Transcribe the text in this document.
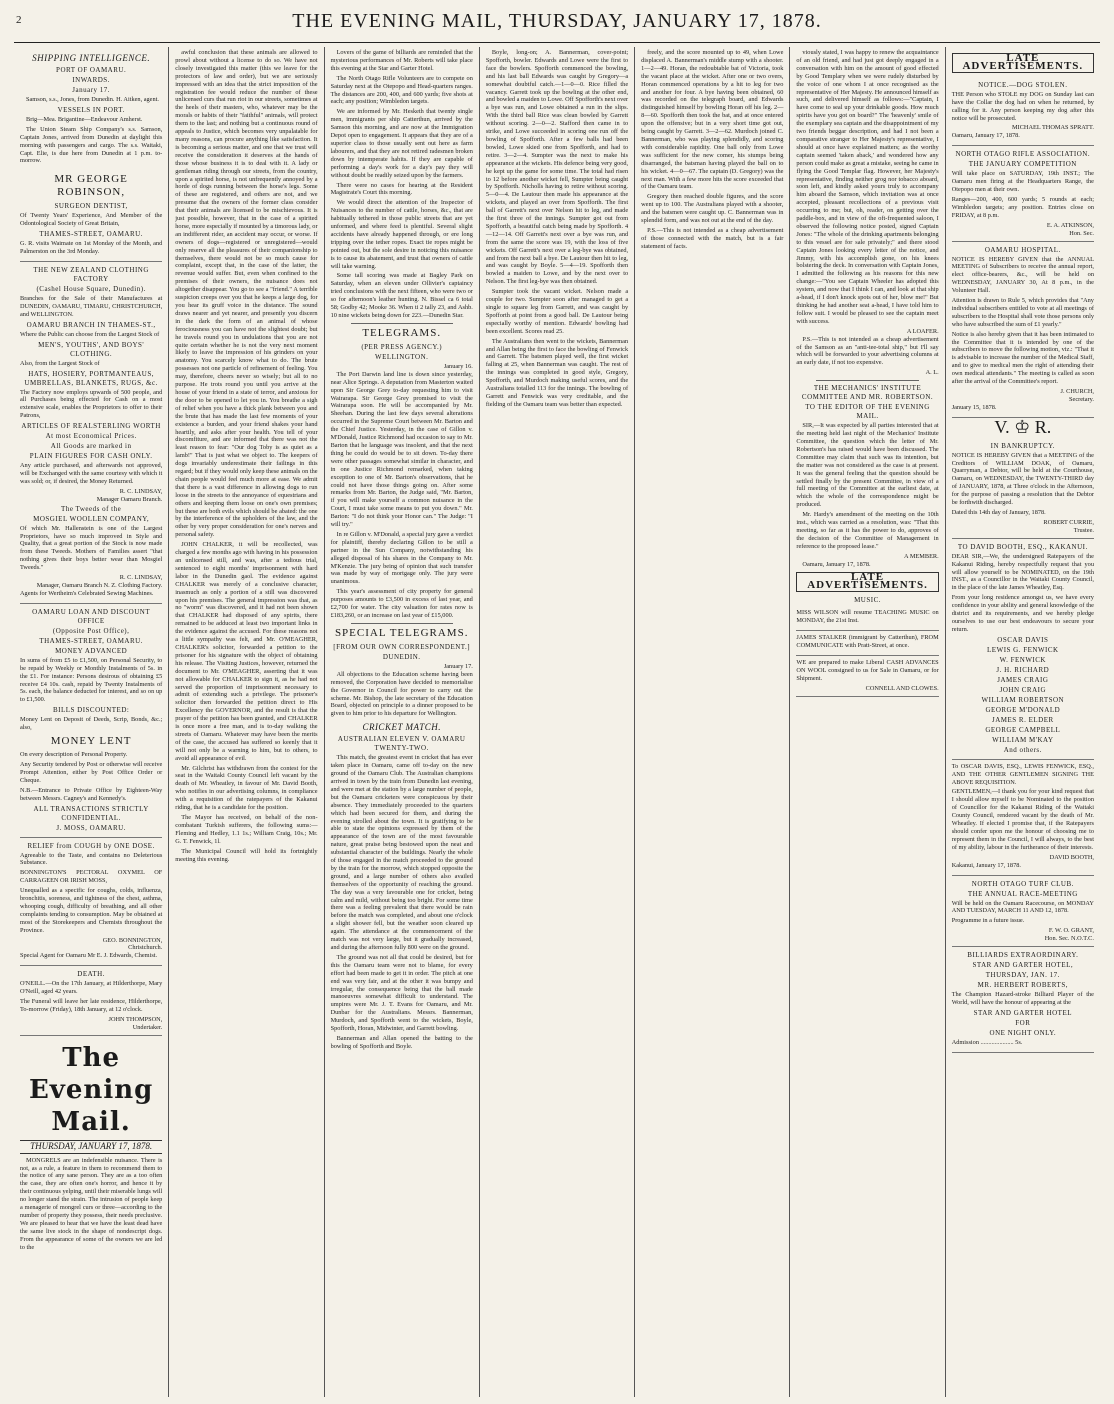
2	THE EVENING MAIL, THURSDAY, JANUARY 17, 1878.
SHIPPING INTELLIGENCE.
PORT OF OAMARU.
INWARDS.
January 17.

Samson, s.s., Jones, from Dunedin. H. Aitken, agent.

VESSELS IN PORT.

Brig—Mea. Brigantine—Endeavour Amherst.

The Union Steam Ship Company's s.s. Samson, Captain Jones, arrived from Dunedin at daylight this morning with passengers and cargo. The s.s. Waitaki, Capt. Elie, is due here from Dunedin at 1 p.m. to-morrow.

MR GEORGE ROBINSON,
SURGEON DENTIST,

Of Twenty Years' Experience, And Member of the Odontological Society of Great Britain,

THAMES-STREET, OAMARU.

G. R. visits Waimate on 1st Monday of the Month, and Palmerston on the 3rd Monday.

THE NEW ZEALAND CLOTHING FACTORY
(Cashel House Square, Dunedin).

Branches for the Sale of their Manufactures at DUNEDIN, OAMARU, TIMARU, CHRISTCHURCH, and WELLINGTON.

OAMARU BRANCH IN THAMES-ST.,

Where the Public can choose from the Largest Stock of

MEN'S, YOUTHS', AND BOYS' CLOTHING.

Also, from the Largest Stock of

HATS, HOSIERY, PORTMANTEAUS, UMBRELLAS, BLANKETS, RUGS, &c.

The Factory now employs upwards of 500 people, and all Purchases being effected for Cash on a most extensive scale, enables the Proprietors to offer to their Patrons,

ARTICLES OF REALSTERLING WORTH
At most Economical Prices.
All Goods are marked in
PLAIN FIGURES FOR CASH ONLY.

Any article purchased, and afterwards not approved, will be Exchanged with the same courtesy with which it was sold; or, if desired, the Money Returned.

R. C. LINDSAY,
Manager Oamaru Branch.
The Tweeds of the
MOSGIEL WOOLLEN COMPANY,

Of which Mr. Hallenstein is one of the Largest Proprietors, have so much improved in Style and Quality, that a great portion of the Stock is now made from these Tweeds. Mothers of Families assert "that nothing gives their boys better wear than Mosgiel Tweeds."

R. C. LINDSAY,
Manager, Oamaru Branch N. Z. Clothing Factory.

Agents for Wertheim's Celebrated Sewing Machines.

OAMARU LOAN AND DISCOUNT OFFICE
(Opposite Post Office),
THAMES-STREET, OAMARU.
MONEY ADVANCED

In sums of from £5 to £1,500, on Personal Security, to be repaid by Weekly or Monthly Instalments of 5s. in the £1. For instance: Persons desirous of obtaining £5 receive £4 10s. cash, repaid by Twenty Instalments of 5s. each, the balance deducted for interest, and so on up to £1,500.

BILLS DISCOUNTED:

Money Lent on Deposit of Deeds, Scrip, Bonds, &c.; also,

MONEY LENT

On every description of Personal Property.

Any Security tendered by Post or otherwise will receive Prompt Attention, either by Post Office Order or Cheque.

N.B.—Entrance to Private Office by Eighteen-Way between Messrs. Cagney's and Kennedy's.

ALL TRANSACTIONS STRICTLY CONFIDENTIAL.
J. MOSS, OAMARU.
RELIEF from COUGH by ONE DOSE.

Agreeable to the Taste, and contains no Deleterious Substance.

BONNINGTON'S PECTORAL OXYMEL OF CARRAGEEN OR IRISH MOSS,

Unequalled as a specific for coughs, colds, influenza, bronchitis, soreness, and tightness of the chest, asthma, whooping cough, difficulty of breathing, and all other complaints tending to consumption. May be obtained at most of the Storekeepers and Chemists throughout the Province.

GEO. BONNINGTON,
Christchurch.

Special Agent for Oamaru Mr E. J. Edwards, Chemist.

DEATH.

O'NEILL.—On the 17th January, at Hilderthorpe, Mary O'Neill, aged 42 years.

The Funeral will leave her late residence, Hilderthorpe, To-morrow (Friday), 18th January, at 12 o'clock.

JOHN THOMPSON,
Undertaker.
The Evening Mail.
THURSDAY, JANUARY 17, 1878.

MONGRELS are an indefensible nuisance. There is not, as a rule, a feature in them to recommend them to the notice of any sane person. They are as a too often the case, they are often one's horror, and hence it by their continuous yelping, until their miserable lungs will no longer stand the strain. The intrusion of people keep a menagerie of mongrel curs or three—according to the number of property they possess, their needs preclusive. We are pleased to hear that we have the least dead have the same live stock in the shape of nondescript dogs. From the appearance of some of the owners we are led to the

awful conclusion that these animals are allowed to prowl about without a license to do so. We have not closely investigated this matter (this we leave for the protectors of law and order), but we are seriously impressed with an idea that the strict imposition of the registration fee would reduce the number of these unlicensed curs that run riot in our streets, sometimes at the heels of their masters, who, whatever may be the morals or habits of their "faithful" animals, will protect them to the last; and nothing but a continuous round of appeals to Justice, which becomes very unpalatable for many reasons, can procure anything like satisfaction. It is becoming a serious matter, and one that we trust will receive the consideration it deserves at the hands of those whose business it is to deal with it. A lady or gentleman riding through our streets, from the country, upon a spirited horse, is not unfrequently annoyed by a horde of dogs running between the horse's legs. Some of these are registered, and others are not, and we presume that the owners of the former class consider that their animals are licensed to be mischievous. It is just possible, however, that in the case of a spirited horse, more especially if mounted by a timorous lady, or an indifferent rider, an accident may occur, or worse. If owners of dogs—registered or unregistered—would only reserve all the pleasures of their companionship to themselves, there would not be so much cause for complaint, except that, in the case of the latter, the revenue would suffer. But, even when confined to the premises of their owners, the nuisance does not altogether disappear. You go to see a "friend." A terrible suspicion creeps over you that he keeps a large dog, for you hear its gruff voice in the distance. The sound draws nearer and yet nearer, and presently you discern in the dark the form of an animal of whose ferociousness you can have not the slightest doubt; but he travels round you in undulations that you are not quite certain whether he is not the very next moment likely to leave the impression of his grinders on your anatomy. You scarcely know what to do. The brute possesses not one particle of refinement of feeling. You may, therefore, cheers never so wisely; but all to no purpose. He trots round you until you arrive at the house of your friend in a state of terror, and anxious for the door to be opened to let you in. You breathe a sigh of relief when you have a thick plank between you and the brute that has made the last few moments of your existence a burden, and your friend shakes your hand heartily, and asks after your health. You tell of your discomfiture, and are informed that there was not the least reason to fear: "Our dog Toby is as quiet as a lamb!" That is just what we object to. The keepers of dogs invariably underestimate their failings in this regard; but if they would only keep these animals on the chain people would feel much more at ease. We admit that there is a vast difference in allowing dogs to run loose in the streets to the annoyance of equestrians and others and keeping them loose on one's own premises; but these are both evils which should be abated: the one by the interference of the upholders of the law, and the other by very proper consideration for one's nerves and personal safety.

JOHN CHALKER, it will be recollected, was charged a few months ago with having in his possession an unlicensed still, and was, after a tedious trial, sentenced to eight months' imprisonment with hard labor in the Dunedin gaol. The evidence against CHALKER was merely of a conclusive character, inasmuch as only a portion of a still was discovered upon his premises. The general impression was that, as no "worm" was discovered, and it had not been shown that CHALKER had disposed of any spirits, there remained to be adduced at least two important links in the evidence against the accused. For these reasons not a little sympathy was felt, and Mr. O'MEAGHER, CHALKER's solicitor, forwarded a petition to the prisoner for his signature with the object of obtaining his release. The Visiting Justices, however, returned the document to Mr. O'MEAGHER, asserting that it was not allowable for CHALKER to sign it, as he had not served the proportion of imprisonment necessary to admit of extending such a privilege. The prisoner's solicitor then forwarded the petition direct to His Excellency the GOVERNOR, and the result is that the prayer of the petition has been granted, and CHALKER is once more a free man, and is to-day walking the streets of Oamaru. Whatever may have been the merits of the case, the accused has suffered so keenly that it will not only be a warning to him, but to others, to avoid all appearance of evil.

Mr. Gilchrist has withdrawn from the contest for the seat in the Waitaki County Council left vacant by the death of Mr. Wheatley, in favour of Mr. David Booth, who notifies in our advertising columns, in compliance with a requisition of the ratepayers of the Kakanui riding, that he is a candidate for the position.

The Mayor has received, on behalf of the non-combatant Turkish sufferers, the following sums:—Fleming and Hedley, 1.1 1s.; William Craig, 10s.; Mr. G. T. Fenwick, 1l.

The Municipal Council will hold its fortnightly meeting this evening.

Lovers of the game of billiards are reminded that the mysterious performances of Mr. Roberts will take place this evening at the Star and Garter Hotel.

The North Otago Rifle Volunteers are to compete on Saturday next at the Otepopo and Head-quarters ranges. The distances are 200, 400, and 600 yards; five shots at each; any position; Wimbledon targets.

We are informed by Mr. Hesketh that twenty single men, immigrants per ship Catterthun, arrived by the Samson this morning, and are now at the Immigration Depot open to engagement. It appears that they are of a superior class to those usually sent out here as farm labourers, and that they are not retired radesmen broken down by intemperate habits. If they are capable of performing a day's work for a day's pay they will without doubt be readily seized upon by the farmers.

There were no cases for hearing at the Resident Magistrate's Court this morning.

We would direct the attention of the Inspector of Nuisances to the number of cattle, horses, &c., that are habitually tethered in those public streets that are yet unformed, and where feed is plentiful. Several slight accidents have already happened through, or ere long tripping over the tether ropes. Exact tie ropes might be pointed out, but the sole desire in noticing this nuisance is to cause its abatement, and trust that owners of cattle will take warning.

Some tall scoring was made at Bagley Park on Saturday, when an eleven under Ollivier's captaincy tried conclusions with the next fifteen, who were two or so for afternoon's leather hunting. N. Bissel ca 6 total 58; Godby 42; Mooke 36. When ti 2 tally 23, and Ashb. 10 nine wickets being down for 223.—Dunedin Star.

TELEGRAMS.
(PER PRESS AGENCY.)
WELLINGTON.
January 16.

The Port Darwin land line is down since yesterday, near Alice Springs. A deputation from Masterton waited upon Sir George Grey to-day requesting him to visit Wairarapa. Sir George Grey promised to visit the Wairarapa soon. He will be accompanied by Mr. Sheehan. During the last few days several alterations occurred in the Supreme Court between Mr. Barton and the Chief Justice. Yesterday, in the case of Gillon v. M'Donald, Justice Richmond had occasion to say to Mr. Barton that he language was insolent, and that the next thing he could do would be to sit down. To-day there were other passages somewhat similar in character, and in one Justice Richmond remarked, when taking exception to one of Mr. Barton's observations, that he could not have those things going on. After some remarks from Mr. Barton, the Judge said, "Mr. Barton, if you will make yourself a common nuisance in the Court, I must take some means to put you down." Mr. Barton: "I do not think your Honor can." The Judge: "I will try."

In re Gillon v. M'Donald, a special jury gave a verdict for plaintiff, thereby declaring Gillon to be still a partner in the Sun Company, notwithstanding his alleged disposal of his shares in the Company to Mr. M'Kenzie. The jury being of opinion that such transfer was made by way of mortgage only. The jury were unanimous.

This year's assessment of city property for general purposes amounts to £3,500 in excess of last year, and £2,700 for water. The city valuation for rates now is £183,260, or an increase on last year of £15,000.

SPECIAL TELEGRAMS.
[FROM OUR OWN CORRESPONDENT.]
DUNEDIN.
January 17.

All objections to the Education scheme having been removed, the Corporation have decided to memorialise the Governor in Council for power to carry out the scheme. Mr. Bishop, the late secretary of the Education Board, objected on principle to a dinner proposed to be given to him prior to his departure for Wellington.

CRICKET MATCH.
AUSTRALIAN ELEVEN V. OAMARU TWENTY-TWO.

This match, the greatest event in cricket that has ever taken place in Oamaru, came off to-day on the new ground of the Oamaru Club. The Australian champions arrived in town by the train from Dunedin last evening, and were met at the station by a large number of people, but the Oamaru cricketers were conspicuous by their absence. They immediately proceeded to the quarters which had been secured for them, and during the evening strolled about the town. It is gratifying to be able to state the opinions expressed by them of the appearance of the town are of the most favourable nature, great praise being bestowed upon the neat and substantial character of the buildings. Nearly the whole of those engaged in the match proceeded to the ground by the train for the morrow, which stopped opposite the ground, and a large number of others also availed themselves of the opportunity of reaching the ground. The day was a very favourable one for cricket, being calm and mild, without being too bright. For some time there was a feeling prevalent that there would be rain before the match was completed, and about one o'clock a slight shower fell, but the weather soon cleared up again. The attendance at the commencement of the match was not very large, but it gradually increased, and during the afternoon fully 800 were on the ground.

The ground was not all that could be desired, but for this the Oamaru team were not to blame, for every effort had been made to get it in order. The pitch at one end was very fair, and at the other it was bumpy and irregular, the consequence being that the ball made manoeuvres somewhat difficult to understand. The umpires were Mr. J. T. Evans for Oamaru, and Mr. Dunbar for the Australians. Messrs. Bannerman, Murdoch, and Spofforth went to the wickets, Boyle, Spofforth, Horan, Midwinter, and Garrett bowling.

Bannerman and Allan opened the batting to the bowling of Spofforth and Boyle.

Boyle, long-on; A. Bannerman, cover-point; Spofforth, bowler. Edwards and Lowe were the first to face the bowlers. Spofforth commenced the bowling, and his last ball Edwards was caught by Gregory—a somewhat doubtful catch.—1—0—0. Rice filled the vacancy. Garrett took up the bowling at the other end, and bowled a maiden to Lowe. Off Spofforth's next over a bye was run, and Lowe obtained a run in the slips. With the third ball Rice was clean bowled by Garrett without scoring. 2—0—2. Stafford then came in to strike, and Lowe succeeded in scoring one run off the bowling of Spofforth. After a few balls had been bowled, Lowe skied one from Spofforth, and had to retire. 3—2—4. Sumpter was the next to make his appearance at the wickets. His defence being very good, he kept up the game for some time. The total had risen to 12 before another wicket fell, Sumpter being caught by Spofforth. Nicholls having to retire without scoring. 5—0—4. De Lautour then made his appearance at the wickets, and played an over from Spofforth. The first ball of Garrett's next over Nelson hit to leg, and made the first three of the innings. Sumpter got out from Spofforth, a beautiful catch being made by Spofforth. 4—12—14. Off Garrett's next over a bye was run, and from the same the score was 19, with the loss of five wickets. Off Garrett's next over a leg-bye was obtained, and from the next ball a bye. De Lautour then hit to leg, and was caught by Boyle. 5—4—19. Spofforth then bowled a maiden to Lowe, and by the next over to Nelson. The first leg-bye was then obtained.

Sumpter took the vacant wicket. Nelson made a couple for two. Sumpter soon after managed to get a single to square leg from Garrett, and was caught by Spofforth at point from a good ball. De Lautour being especially worthy of mention. Edwards' bowling had been excellent. Scores read 25.

The Australians then went to the wickets, Bannerman and Allan being the first to face the bowling of Fenwick and Garrett. The batsmen played well, the first wicket falling at 25, when Bannerman was caught. The rest of the innings was completed in good style, Gregory, Spofforth, and Murdoch making useful scores, and the Australians totalled 113 for the innings. The bowling of Garrett and Fenwick was very creditable, and the fielding of the Oamaru team was better than expected.

freely, and the score mounted up to 49, when Lowe displaced A. Bannerman's middle stump with a shooter. 1—2—49. Horan, the redoubtable bat of Victoria, took the vacant place at the wicket. After one or two overs, Horan commenced operations by a hit to leg for two and another for four. A bye having been obtained, 60 was recorded on the telegraph board, and Edwards distinguished himself by bowling Horan off his leg. 2—8—60. Spofforth then took the bat, and at once entered upon the offensive; but in a very short time got out, being caught by Garrett. 3—2—62. Murdoch joined C. Bannerman, who was playing splendidly, and scoring with considerable rapidity. One ball only from Lowe was sufficient for the new comer, his stumps being disarranged, the batsman having played the ball on to his wicket. 4—0—67. The captain (D. Gregory) was the next man. With a few more hits the score exceeded that of the Oamaru team.

Gregory then reached double figures, and the score went up to 100. The Australians played with a shooter, and the batsmen were caught up. C. Bannerman was in splendid form, and was not out at the end of the day.

P.S.—This is not intended as a cheap advertisement of those connected with the match, but is a fair statement of facts.

viously stated, I was happy to renew the acquaintance of an old friend, and had just got deeply engaged in a conversation with him on the amount of good effected by Good Templary when we were rudely disturbed by the voice of one whom I at once recognised as the representative of Her Majesty. He announced himself as such, and delivered himself as follows:—"Captain, I have come to seal up your drinkable goods. How much spirits have you got on board?" The 'heavenly' smile of the exemplary sea captain and the disappointment of my two friends beggar description, and had I not been a comparative stranger to Her Majesty's representative, I should at once have explained matters; as the worthy captain seemed 'taken aback,' and wondered how any person could make as great a mistake, seeing he came in flying the Good Templar flag. However, her Majesty's representative, finding neither grog nor tobacco aboard, soon left, and kindly asked yours truly to accompany him aboard the Samson, which invitation was at once accepted, pleasant recollections of a previous visit occurring to me; but, oh, reader, on getting over the paddle-box, and in view of the oft-frequented saloon, I observed the following notice posted, signed Captain Jones: "The whole of the drinking apartments belonging to this vessel are for sale privately;" and there stood Captain Jones looking every letter of the notice, and Jimmy, with his accomplish gone, on his knees bolstering the deck. In conversation with Captain Jones, I admitted the following as his reasons for this new change:—"You see Captain Wheeler has adopted this system, and now that I think I can, and look at that ship a-head, if I don't knock spots out of her, blow me!" But thinking he had another seat a-head, I have told him to follow suit. I would be pleased to see the captain meet with success.

A LOAFER.

P.S.—This is not intended as a cheap advertisement of the Samson as an "anti-tee-total ship," but I'll say which will be forwarded to your advertising columns at an early date, if not too expensive.

A. L.
THE MECHANICS' INSTITUTE COMMITTEE AND MR. ROBERTSON.
TO THE EDITOR OF THE EVENING MAIL.

SIR,—It was expected by all parties interested that at the meeting held last night of the Mechanics' Institute Committee, the question which the letter of Mr. Robertson's has raised would have been discussed. The Committee may claim that such was its intention, but the matter was not considered as the case is at present. It was the general feeling that the question should be settled finally by the present Committee, in view of a full meeting of the Committee at the earliest date, at which the whole of the correspondence might be produced.

Mr. Hardy's amendment of the meeting on the 10th inst., which was carried as a resolution, was: "That this meeting, so far as it has the power to do, approves of the decision of the Committee of Management in reference to the proposed lease."

A MEMBER.

Oamaru, January 17, 1878.

LATE ADVERTISEMENTS.
MUSIC.

MISS WILSON will resume TEACHING MUSIC on MONDAY, the 21st Inst.

JAMES STALKER (immigrant by Catterthun), FROM COMMUNICATE with Pratt-Street, at once.

WE are prepared to make Liberal CASH ADVANCES ON WOOL consigned to us for Sale in Oamaru, or for Shipment.

CONNELL AND CLOWES.
LATE ADVERTISEMENTS.
NOTICE.—DOG STOLEN.

THE Person who STOLE my DOG on Sunday last can have the Collar the dog had on when he returned, by calling for it. Any person keeping my dog after this notice will be prosecuted.

MICHAEL THOMAS SPRATT.

Oamaru, January 17, 1878.

NORTH OTAGO RIFLE ASSOCIATION.
THE JANUARY COMPETITION

Will take place on SATURDAY, 19th INST.; The Oamaru men firing at the Headquarters Range, the Otepopo men at their own.

Ranges—200, 400, 600 yards; 5 rounds at each; Wimbledon targets; any position. Entries close on FRIDAY, at 8 p.m.

E. A. ATKINSON,
Hon. Sec.
OAMARU HOSPITAL.

NOTICE IS HEREBY GIVEN that the ANNUAL MEETING of Subscribers to receive the annual report, elect office-bearers, &c., will be held on WEDNESDAY, JANUARY 30, At 8 p.m., in the Volunteer Hall.

Attention is drawn to Rule 5, which provides that "Any individual subscribers entitled to vote at all meetings of subscribers to the Hospital shall vote those persons only who have subscribed the sum of £1 yearly."

Notice is also hereby given that it has been intimated to the Committee that it is intended by one of the subscribers to move the following motion, viz.: "That it is advisable to increase the number of the Medical Staff, and to give to medical men the right of attending their own medical attendants." The meeting is called as soon after the arrival of the Committee's report.

J. CHURCH,
Secretary.

January 15, 1878.

V. ♔ R.
IN BANKRUPTCY.

NOTICE IS HEREBY GIVEN that a MEETING of the Creditors of WILLIAM DOAK, of Oamaru, Quarryman, a Debtor, will be held at the Courthouse, Oamaru, on WEDNESDAY, the TWENTY-THIRD day of JANUARY, 1878, at Three o'clock in the Afternoon, for the purpose of passing a resolution that the Debtor be forthwith discharged.

Dated this 14th day of January, 1878.

ROBERT CURRIE,
Trustee.
TO DAVID BOOTH, ESQ., KAKANUI.

DEAR SIR,—We, the undersigned Ratepayers of the Kakanui Riding, hereby respectfully request that you will allow yourself to be NOMINATED, on the 19th INST., as a Councillor in the Waitaki County Council, in the place of the late James Wheatley, Esq.

From your long residence amongst us, we have every confidence in your ability and general knowledge of the district and its requirements, and we hereby pledge ourselves to use our best endeavours to secure your return.

OSCAR DAVIS
LEWIS G. FENWICK
W. FENWICK
J. H. RICHARD
JAMES CRAIG
JOHN CRAIG
WILLIAM ROBERTSON
GEORGE M'DONALD
JAMES R. ELDER
GEORGE CAMPBELL
WILLIAM M'KAY
And others.

To OSCAR DAVIS, ESQ., LEWIS FENWICK, ESQ., AND THE OTHER GENTLEMEN SIGNING THE ABOVE REQUISITION.

GENTLEMEN,—I thank you for your kind request that I should allow myself to be Nominated to the position of Councillor for the Kakanui Riding of the Waitaki County Council, rendered vacant by the death of Mr. Wheatley. If elected I promise that, if the Ratepayers should confer upon me the honour of choosing me to represent them in the Council, I will always, to the best of my ability, labour in the furtherance of their interests.

DAVID BOOTH,

Kakanui, January 17, 1878.

NORTH OTAGO TURF CLUB.
THE ANNUAL RACE-MEETING

Will be held on the Oamaru Racecourse, on MONDAY AND TUESDAY, MARCH 11 AND 12, 1878.

Programme in a future issue.

F. W. O. GRANT,
Hon. Sec. N.O.T.C.
BILLIARDS EXTRAORDINARY.
STAR AND GARTER HOTEL,
THURSDAY, JAN. 17.
MR. HERBERT ROBERTS,

The Champion Hazard-stroke Billiard Player of the World, will have the honour of appearing at the

STAR AND GARTER HOTEL
FOR
ONE NIGHT ONLY.

Admission ..................... 5s.
